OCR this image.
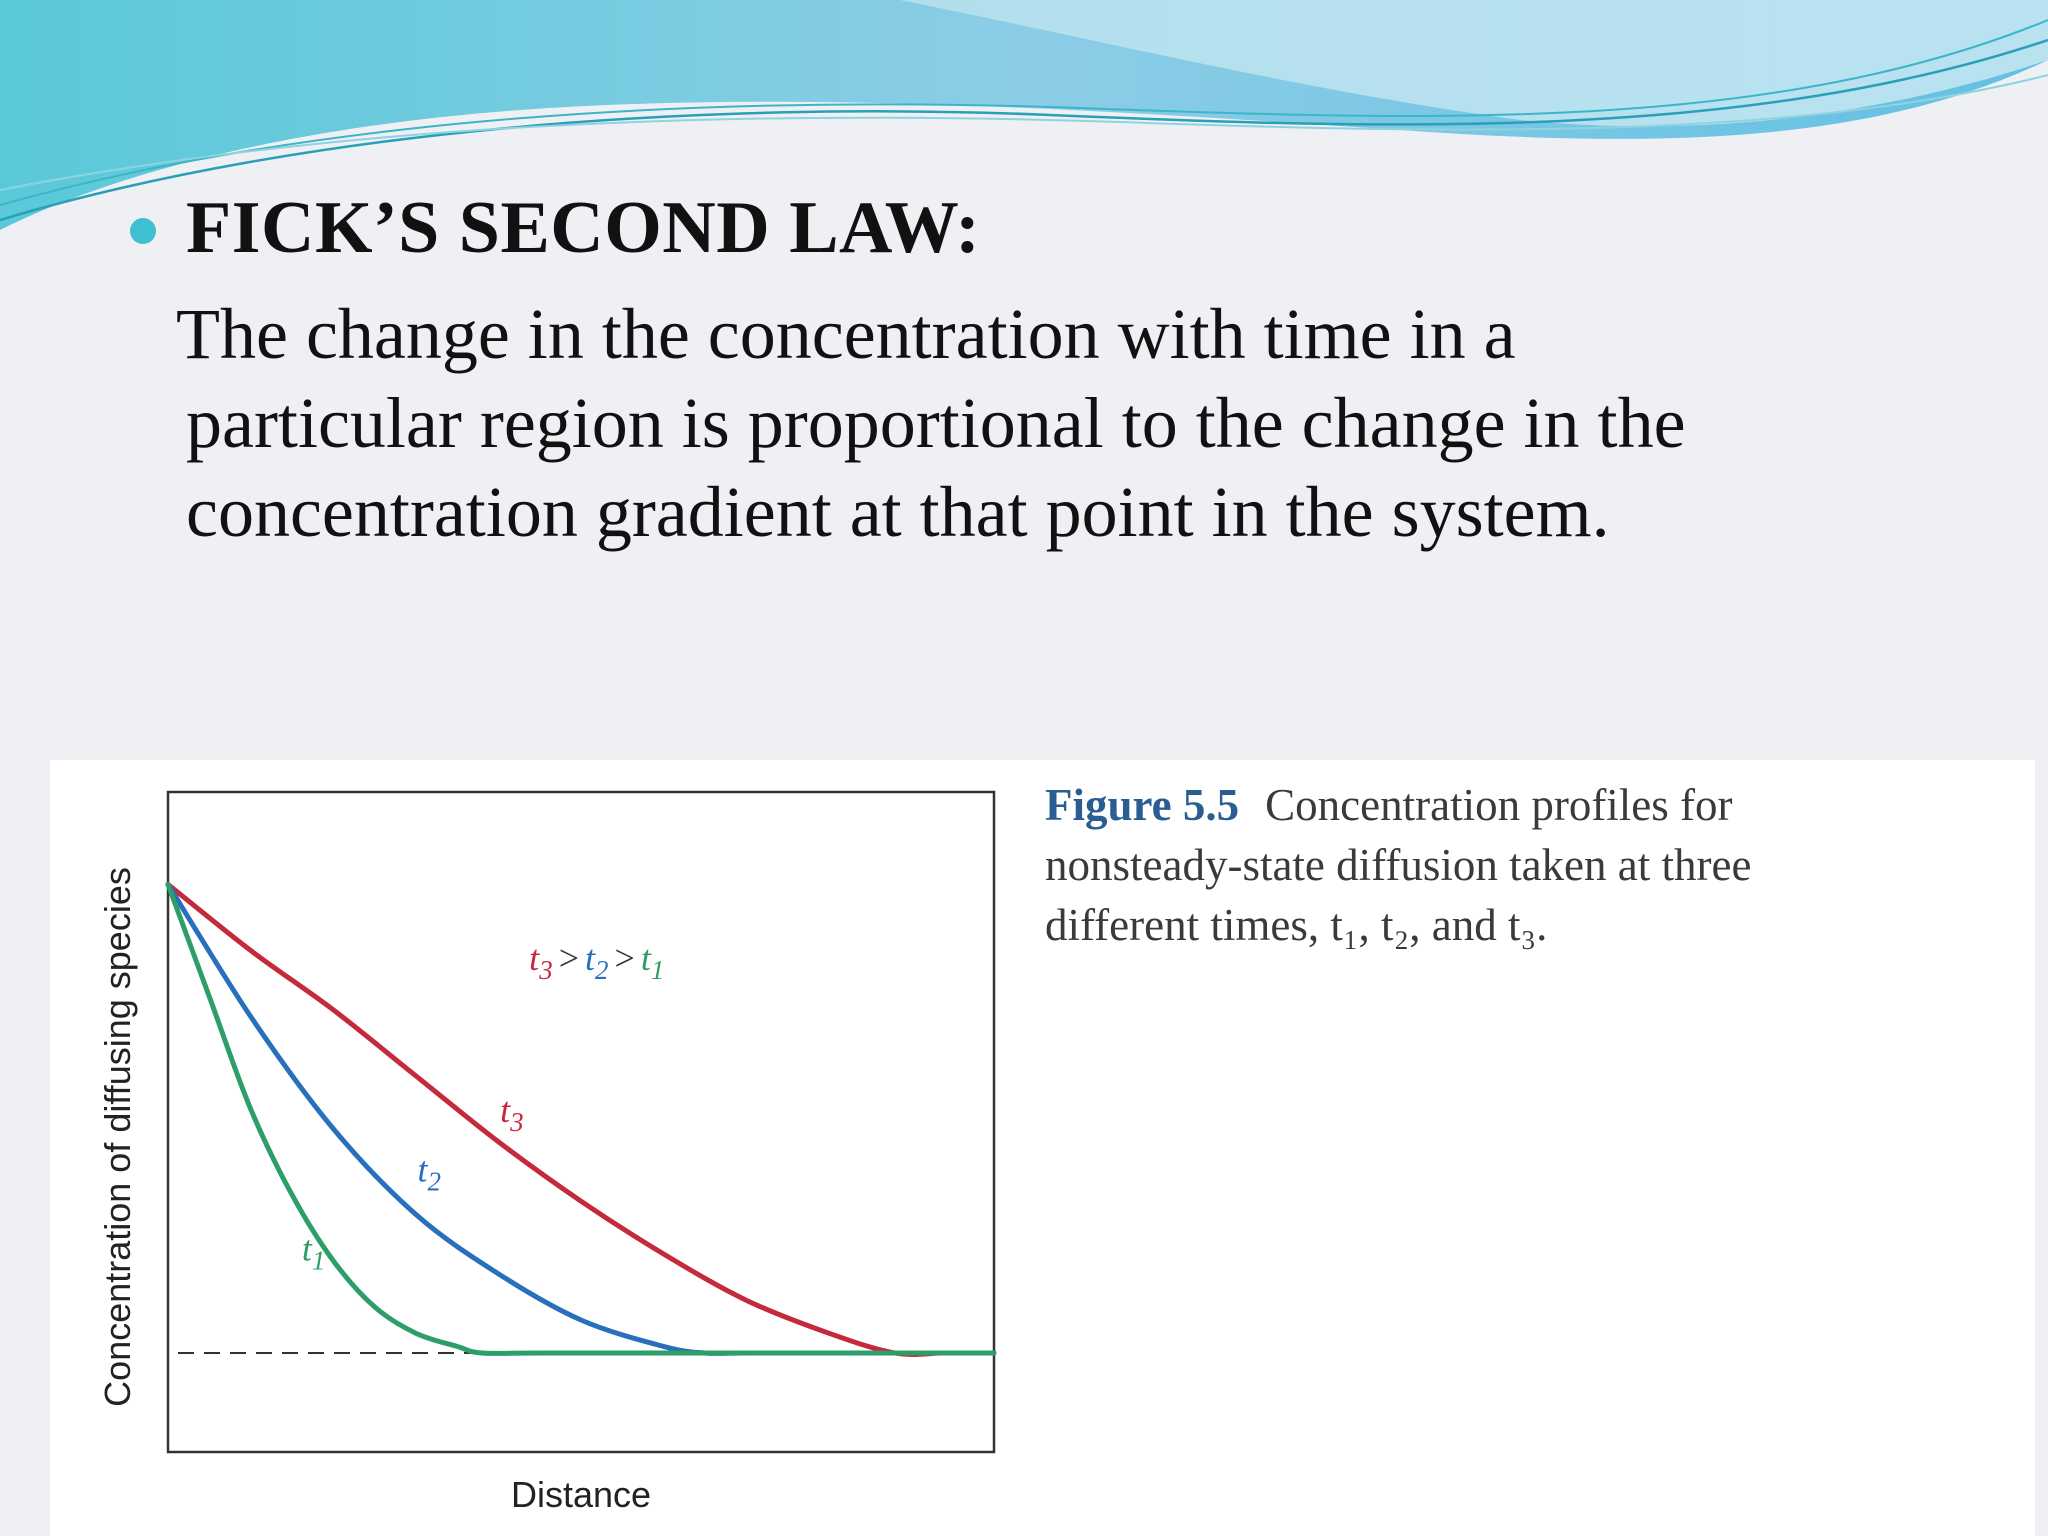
FICK’S SECOND LAW:
The change in the concentration with time in a
particular region is proportional to the change in the
concentration gradient at that point in the system.
$t_1$
$t_2$
$t_3$
$t_3 > t_2 > t_1$
Distance
Concentration of diffusing species
Figure 5.5 Concentration profiles for
nonsteady-state diffusion taken at three
different times, t₁, t₂, and t₃.
